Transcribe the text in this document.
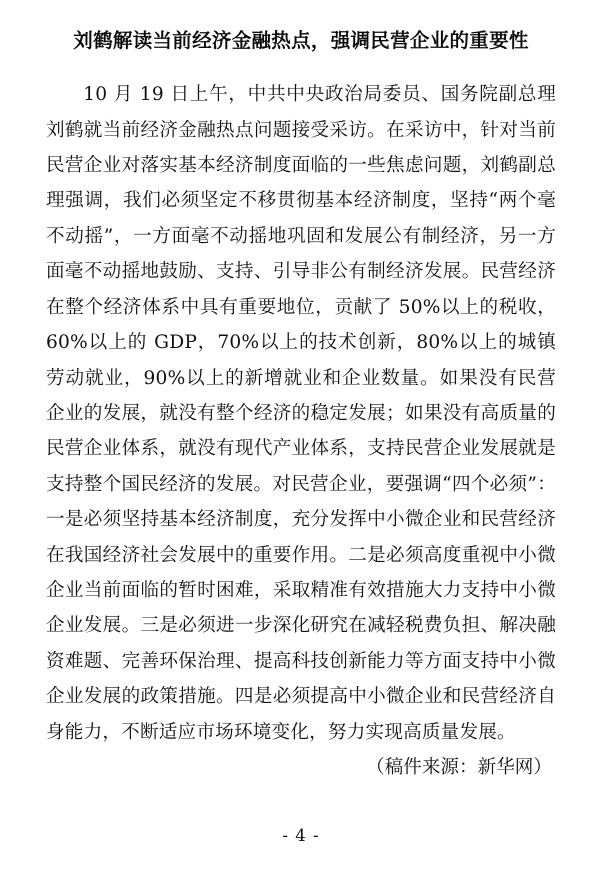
刘鹤解读当前经济金融热点，强调民营企业的重要性

10 月 19 日上午，中共中央政治局委员、国务院副总理刘鹤就当前经济金融热点问题接受采访。在采访中，针对当前民营企业对落实基本经济制度面临的一些焦虑问题，刘鹤副总理强调，我们必须坚定不移贯彻基本经济制度，坚持“两个毫不动摇”，一方面毫不动摇地巩固和发展公有制经济，另一方面毫不动摇地鼓励、支持、引导非公有制经济发展。民营经济在整个经济体系中具有重要地位，贡献了 50%以上的税收，60%以上的 GDP，70%以上的技术创新，80%以上的城镇劳动就业，90%以上的新增就业和企业数量。如果没有民营企业的发展，就没有整个经济的稳定发展；如果没有高质量的民营企业体系，就没有现代产业体系，支持民营企业发展就是支持整个国民经济的发展。对民营企业，要强调“四个必须”：一是必须坚持基本经济制度，充分发挥中小微企业和民营经济在我国经济社会发展中的重要作用。二是必须高度重视中小微企业当前面临的暂时困难，采取精准有效措施大力支持中小微企业发展。三是必须进一步深化研究在减轻税费负担、解决融资难题、完善环保治理、提高科技创新能力等方面支持中小微企业发展的政策措施。四是必须提高中小微企业和民营经济自身能力，不断适应市场环境变化，努力实现高质量发展。

（稿件来源：新华网）

- 4 -
